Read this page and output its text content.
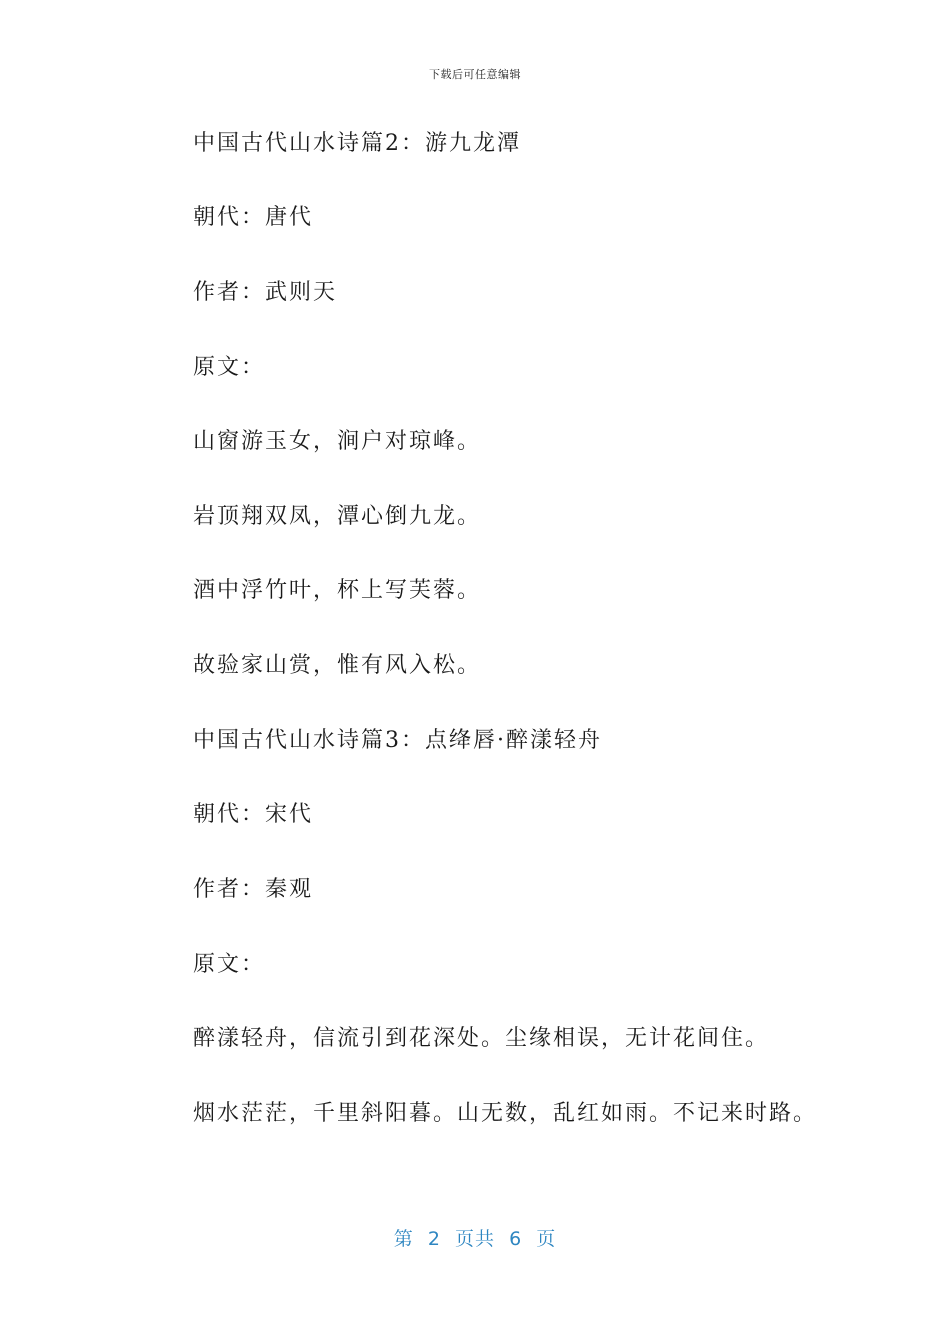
下载后可任意编辑
中国古代山水诗篇2：游九龙潭
朝代：唐代
作者：武则天
原文：
山窗游玉女，涧户对琼峰。
岩顶翔双凤，潭心倒九龙。
酒中浮竹叶，杯上写芙蓉。
故验家山赏，惟有风入松。
中国古代山水诗篇3：点绛唇·醉漾轻舟
朝代：宋代
作者：秦观
原文：
醉漾轻舟，信流引到花深处。尘缘相误，无计花间住。
烟水茫茫，千里斜阳暮。山无数，乱红如雨。不记来时路。
第  2  页共  6  页
